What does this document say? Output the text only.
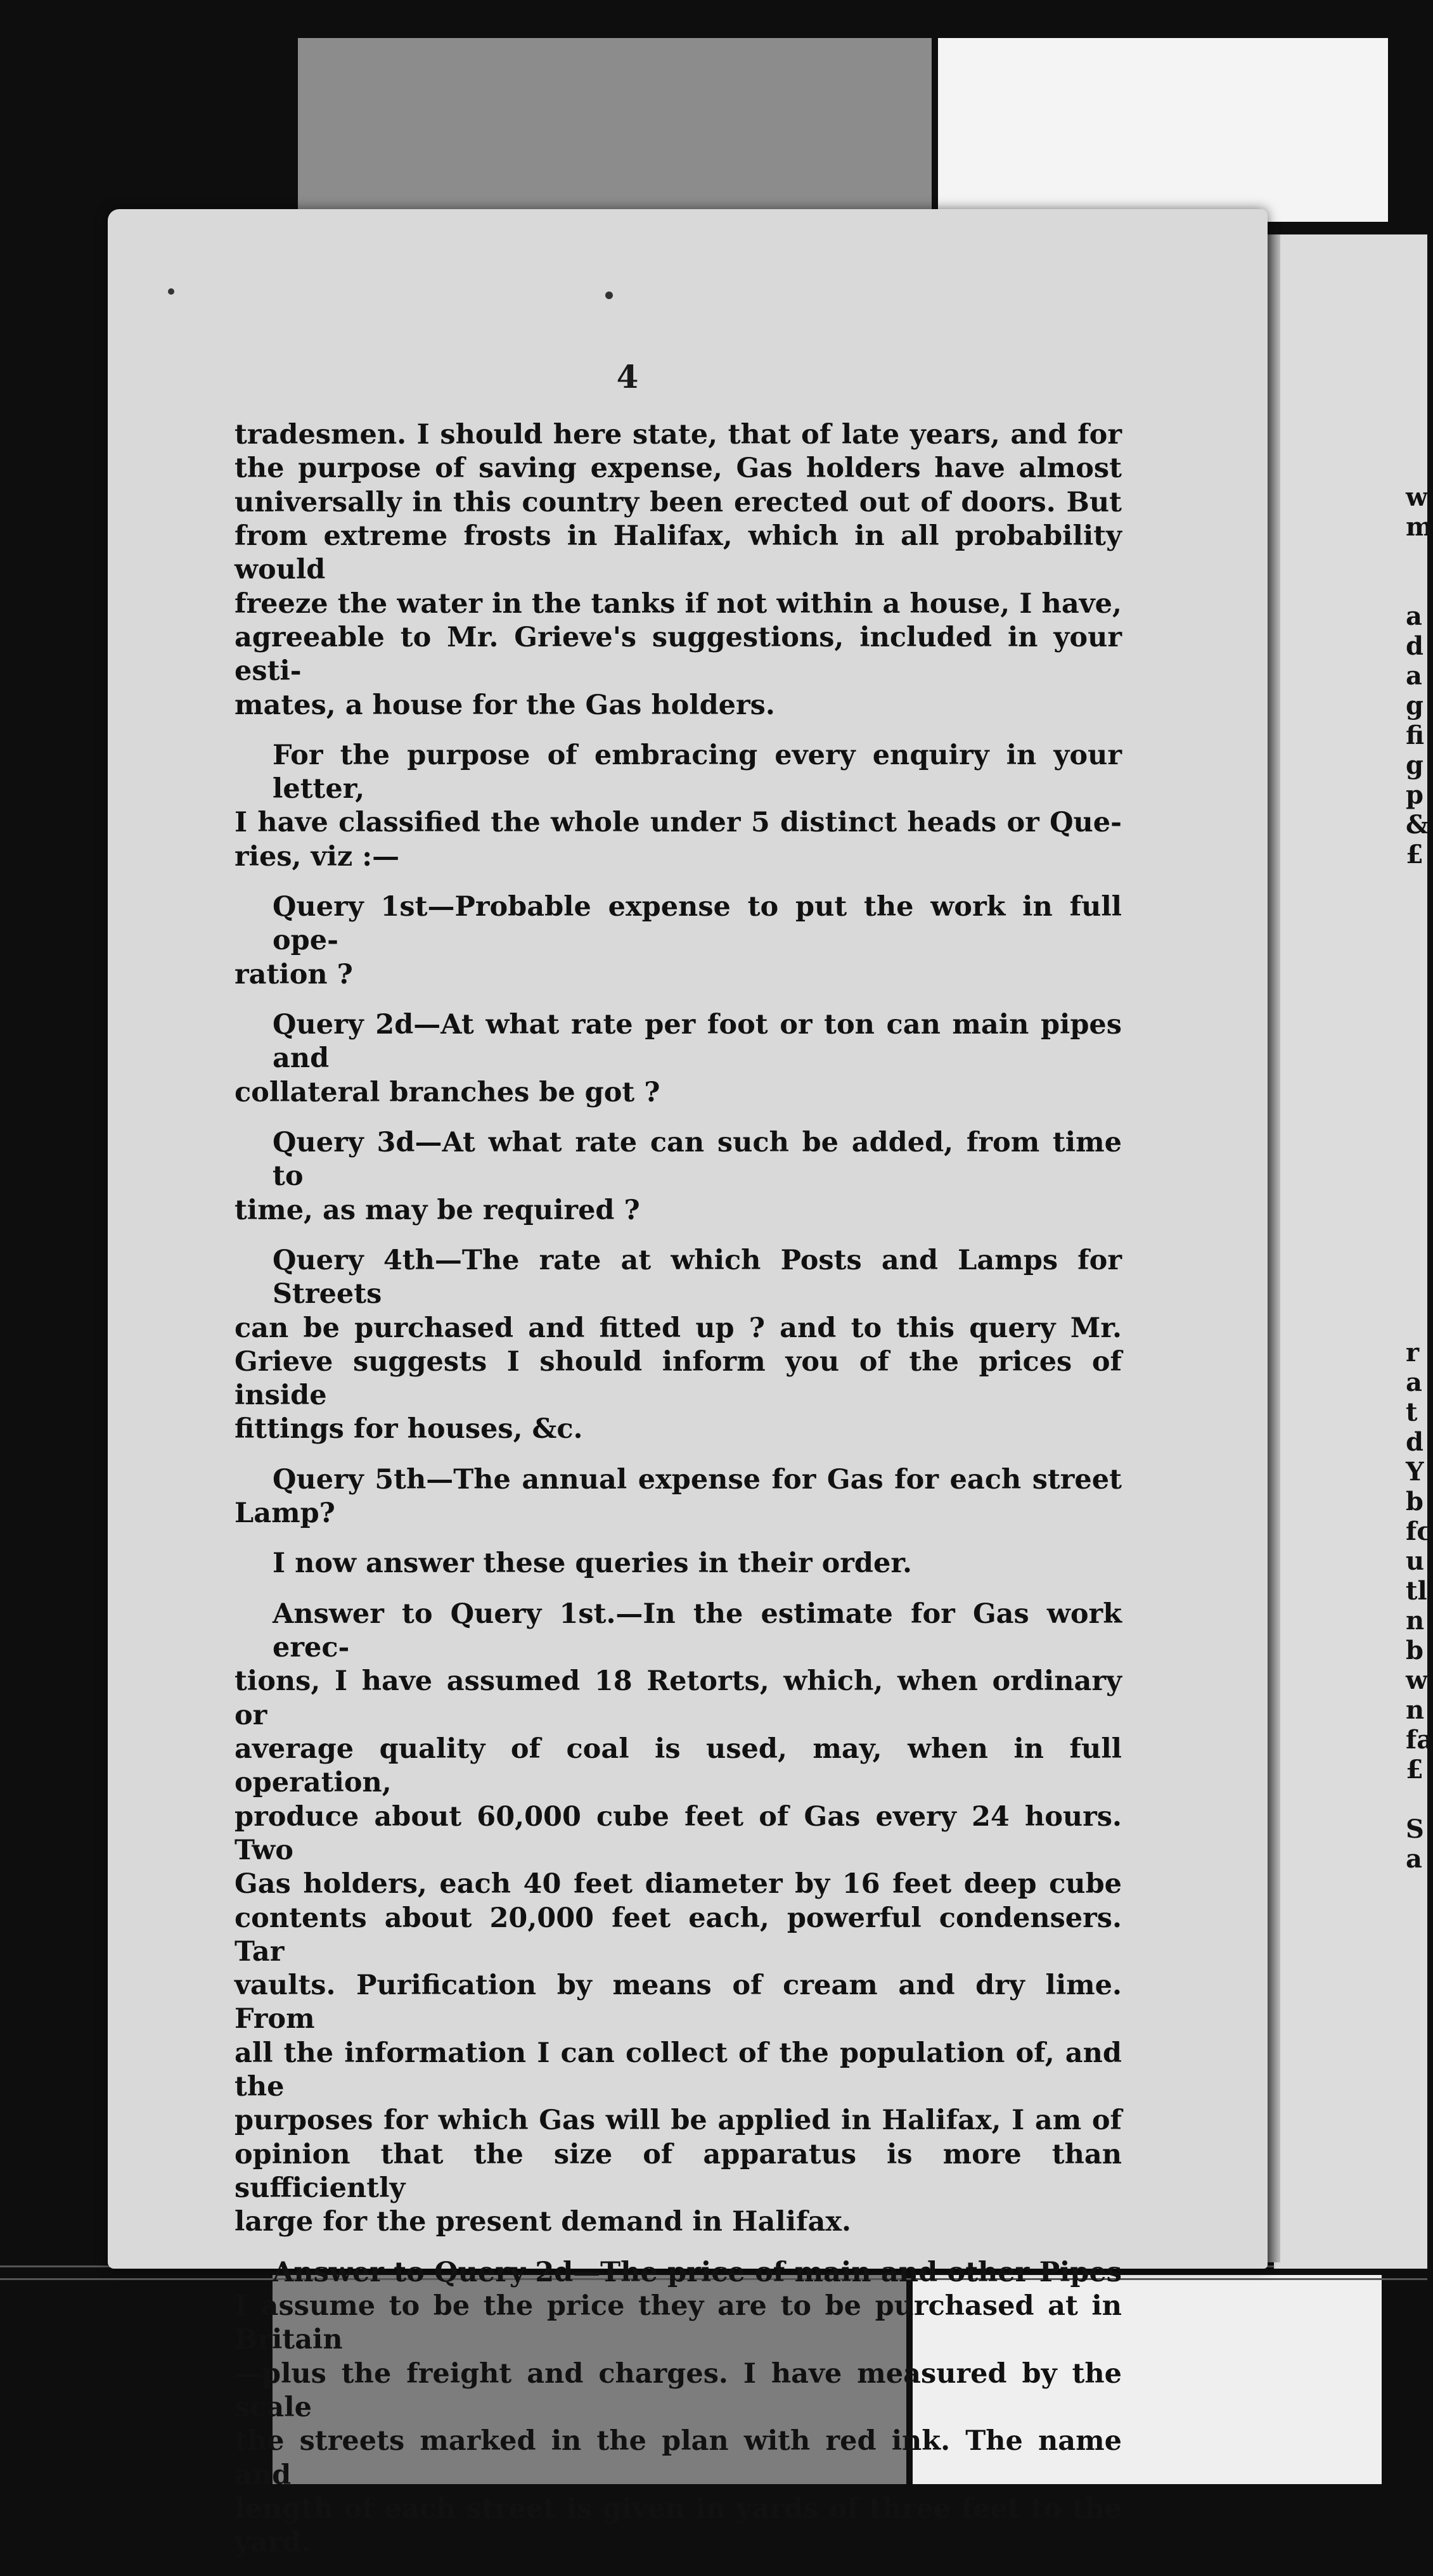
w
m
a
d
a
g
fi
g
p
&
£
r
a
t
d
Y
b
fc
u
tl
n
b
w
n
fa
£
S
a
4
tradesmen. I should here state, that of late years, and for
the purpose of saving expense, Gas holders have almost
universally in this country been erected out of doors. But
from extreme frosts in Halifax, which in all probability would
freeze the water in the tanks if not within a house, I have,
agreeable to Mr. Grieve's suggestions, included in your esti-
mates, a house for the Gas holders.
For the purpose of embracing every enquiry in your letter,
I have classified the whole under 5 distinct heads or Que-
ries, viz :—
Query 1st—Probable expense to put the work in full ope-
ration ?
Query 2d—At what rate per foot or ton can main pipes and
collateral branches be got ?
Query 3d—At what rate can such be added, from time to
time, as may be required ?
Query 4th—The rate at which Posts and Lamps for Streets
can be purchased and fitted up ? and to this query Mr.
Grieve suggests I should inform you of the prices of inside
fittings for houses, &c.
Query 5th—The annual expense for Gas for each street
Lamp?
I now answer these queries in their order.
Answer to Query 1st.—In the estimate for Gas work erec-
tions, I have assumed 18 Retorts, which, when ordinary or
average quality of coal is used, may, when in full operation,
produce about 60,000 cube feet of Gas every 24 hours. Two
Gas holders, each 40 feet diameter by 16 feet deep cube
contents about 20,000 feet each, powerful condensers. Tar
vaults. Purification by means of cream and dry lime. From
all the information I can collect of the population of, and the
purposes for which Gas will be applied in Halifax, I am of
opinion that the size of apparatus is more than sufficiently
large for the present demand in Halifax.
Answer to Query 2d—The price of main and other Pipes
I assume to be the price they are to be purchased at in Britain
—plus the freight and charges. I have measured by the scale
the streets marked in the plan with red ink. The name and
length of each street is given in yards of three feet to the
yard.
